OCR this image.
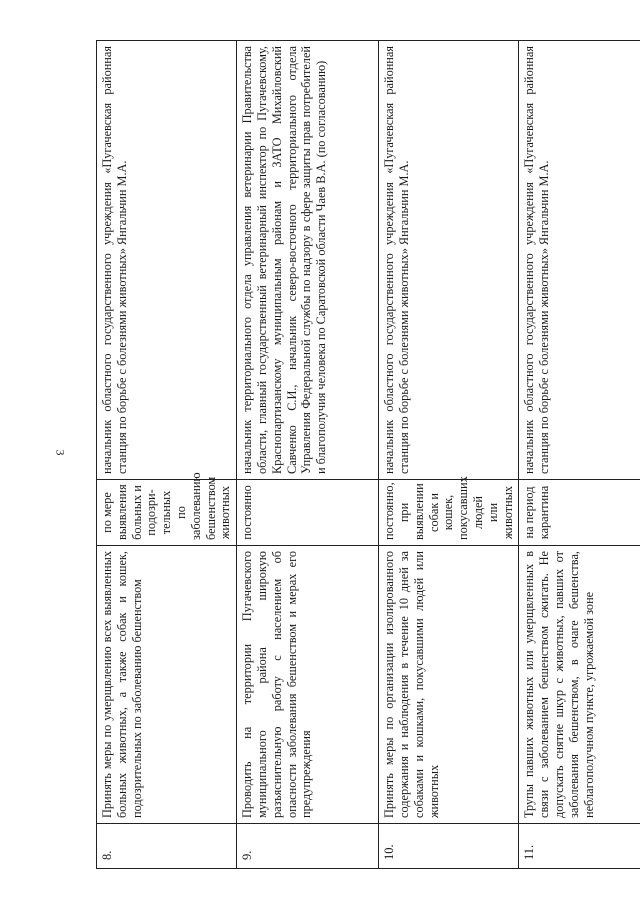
3
8.	Принять меры по умерщвлению всех выявленных больных животных, а также собак и кошек, подозрительных по заболеванию бешенством	по мере выявления больных и подозри-тельных по заболеванию бешенством животных	начальник областного государственного учреждения «Пугачевская районная станция по борьбе с болезнями животных» Янгальчин М.А.
9.	Проводить на территории Пугачевского муниципального района широкую разъяснительную работу с населением об опасности заболевания бешенством и мерах его предупреждения	постоянно	начальник территориального отдела управления ветеринарии Правительства области, главный государственный ветеринарный инспектор по Пугачевскому, Краснопартизанскому муниципальным районам и ЗАТО Михайловский Савченко С.И., начальник северо-восточного территориального отдела Управления Федеральной службы по надзору в сфере защиты прав потребителей и благополучия человека по Саратовской области Чаев В.А. (по согласованию)
10.	Принять меры по организации изолированного содержания и наблюдения в течение 10 дней за собаками и кошками, покусавшими людей или животных	постоянно, при выявлении собак и кошек, покусавших людей или животных	начальник областного государственного учреждения «Пугачевская районная станция по борьбе с болезнями животных» Янгальчин М.А.
11.	Трупы павших животных или умерщвленных в связи с заболеванием бешенством сжигать. Не допускать снятие шкур с животных, павших от заболевания бешенством, в очаге бешенства, неблагополучном пункте, угрожаемой зоне	на период карантина	начальник областного государственного учреждения «Пугачевская районная станция по борьбе с болезнями животных» Янгальчин М.А.
